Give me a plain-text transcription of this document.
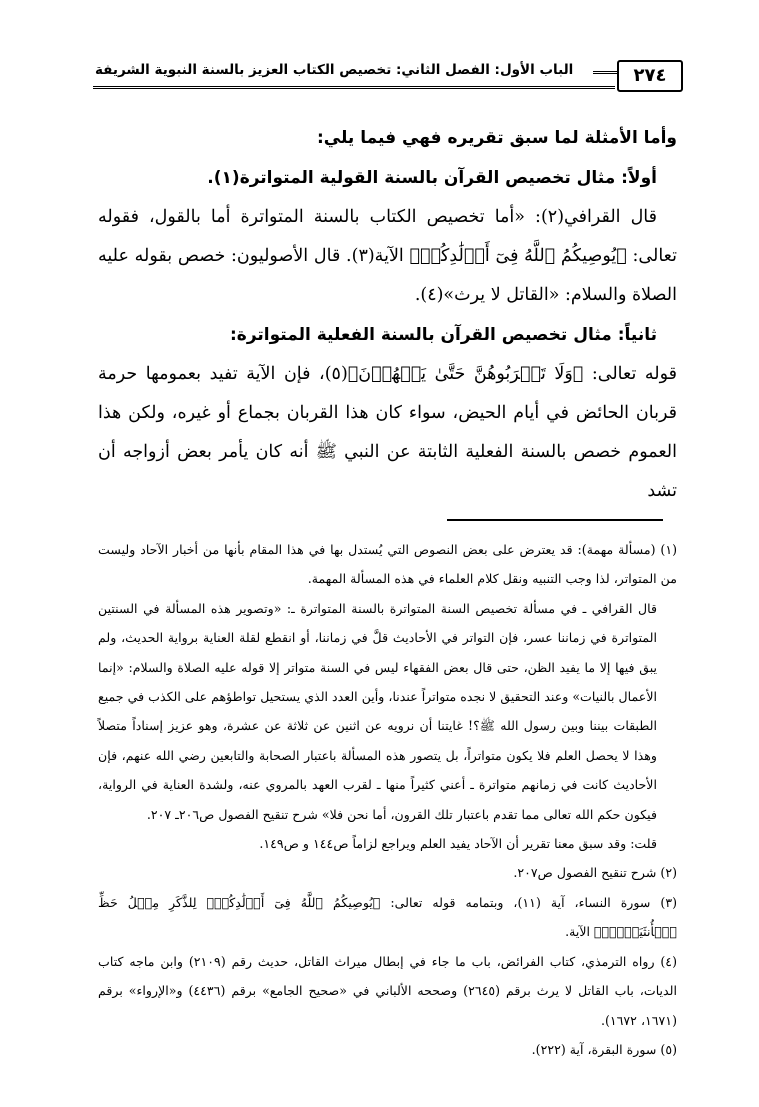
٢٧٤
الباب الأول: الفصل الثاني: تخصيص الكتاب العزيز بالسنة النبوية الشريفة

وأما الأمثلة لما سبق تقريره فهي فيما يلي:

أولاً: مثال تخصيص القرآن بالسنة القولية المتواترة(١).

قال القرافي(٢): «أما تخصيص الكتاب بالسنة المتواترة أما بالقول، فقوله تعالى: ﴿يُوصِيكُمُ ٱللَّهُ فِىٓ أَوۡلَٰدِكُمۡ﴾ الآية(٣). قال الأصوليون: خصص بقوله عليه الصلاة والسلام: «القاتل لا يرث»(٤).

ثانياً: مثال تخصيص القرآن بالسنة الفعلية المتواترة:

قوله تعالى: ﴿وَلَا تَقۡرَبُوهُنَّ حَتَّىٰ يَطۡهُرۡنَ﴾(٥)، فإن الآية تفيد بعمومها حرمة قربان الحائض في أيام الحيض، سواء كان هذا القربان بجماع أو غيره، ولكن هذا العموم خصص بالسنة الفعلية الثابتة عن النبي ﷺ أنه كان يأمر بعض أزواجه أن تشد

(١) (مسألة مهمة): قد يعترض على بعض النصوص التي يُستدل بها في هذا المقام بأنها من أخبار الآحاد وليست من المتواتر، لذا وجب التنبيه ونقل كلام العلماء في هذه المسألة المهمة.

قال القرافي ـ في مسألة تخصيص السنة المتواترة بالسنة المتواترة ـ: «وتصوير هذه المسألة في السنتين المتواترة في زماننا عسر، فإن التواتر في الأحاديث قلَّ في زماننا، أو انقطع لقلة العناية برواية الحديث، ولم يبق فيها إلا ما يفيد الظن، حتى قال بعض الفقهاء ليس في السنة متواتر إلا قوله عليه الصلاة والسلام: «إنما الأعمال بالنيات» وعند التحقيق لا نجده متواتراً عندنا، وأين العدد الذي يستحيل تواطؤهم على الكذب في جميع الطبقات بيننا وبين رسول الله ﷺ؟! غايتنا أن نرويه عن اثنين عن ثلاثة عن عشرة، وهو عزيز إسناداً متصلاً وهذا لا يحصل العلم فلا يكون متواتراً، بل يتصور هذه المسألة باعتبار الصحابة والتابعين رضي الله عنهم، فإن الأحاديث كانت في زمانهم متواترة ـ أعني كثيراً منها ـ لقرب العهد بالمروي عنه، ولشدة العناية في الرواية، فيكون حكم الله تعالى مما تقدم باعتبار تلك القرون، أما نحن فلا» شرح تنقيح الفصول ص٢٠٦ـ ٢٠٧.

قلت: وقد سبق معنا تقرير أن الآحاد يفيد العلم ويراجع لزاماً ص١٤٤ و ص١٤٩.

(٢) شرح تنقيح الفصول ص٢٠٧.

(٣) سورة النساء، آية (١١)، وبتمامه قوله تعالى: ﴿يُوصِيكُمُ ٱللَّهُ فِىٓ أَوۡلَٰدِكُمۡۖ لِلذَّكَرِ مِثۡلُ حَظِّ ٱلۡأُنثَيَيۡنِۚ﴾ الآية.

(٤) رواه الترمذي، كتاب الفرائض، باب ما جاء في إبطال ميراث القاتل، حديث رقم (٢١٠٩) وابن ماجه كتاب الديات، باب القاتل لا يرث برقم (٢٦٤٥) وصححه الألباني في «صحيح الجامع» برقم (٤٤٣٦) و«الإرواء» برقم (١٦٧١، ١٦٧٢).

(٥) سورة البقرة، آية (٢٢٢).
